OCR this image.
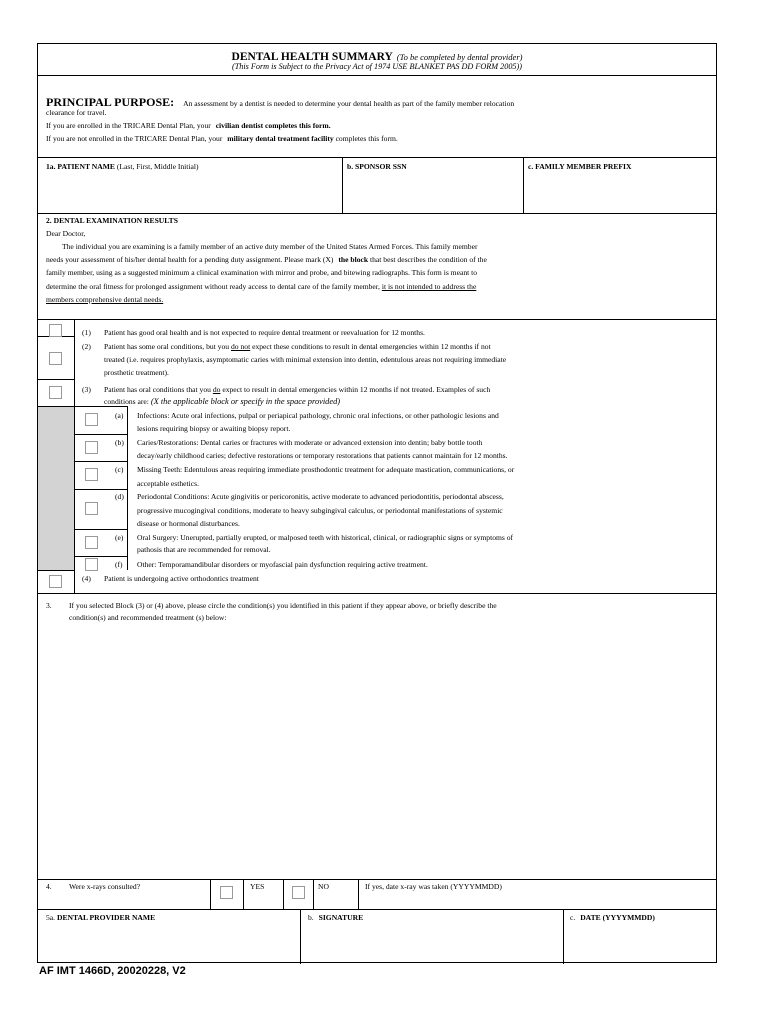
DENTAL HEALTH SUMMARY (To be completed by dental provider)
(This Form is Subject to the Privacy Act of 1974 USE BLANKET PAS DD FORM 2005))
PRINCIPAL PURPOSE: An assessment by a dentist is needed to determine your dental health as part of the family member relocation
clearance for travel.
If you are enrolled in the TRICARE Dental Plan, your civilian dentist completes this form.
If you are not enrolled in the TRICARE Dental Plan, your military dental treatment facility completes this form.
1a. PATIENT NAME (Last, First, Middle Initial)	b. SPONSOR SSN	c. FAMILY MEMBER PREFIX
2. DENTAL EXAMINATION RESULTS
Dear Doctor,
The individual you are examining is a family member of an active duty member of the United States Armed Forces. This family member
needs your assessment of his/her dental health for a pending duty assignment. Please mark (X) the block that best describes the condition of the
family member, using as a suggested minimum a clinical examination with mirror and probe, and bitewing radiographs. This form is meant to
determine the oral fitness for prolonged assignment without ready access to dental care of the family member, it is not intended to address the
members comprehensive dental needs.
(1) Patient has good oral health and is not expected to require dental treatment or reevaluation for 12 months.
(2) Patient has some oral conditions, but you do not expect these conditions to result in dental emergencies within 12 months if not
treated (i.e. requires prophylaxis, asymptomatic caries with minimal extension into dentin, edentulous areas not requiring immediate
prosthetic treatment).
(3) Patient has oral conditions that you do expect to result in dental emergencies within 12 months if not treated. Examples of such
conditions are: (X the applicable block or specify in the space provided)
(a) Infections: Acute oral infections, pulpal or periapical pathology, chronic oral infections, or other pathologic lesions and
lesions requiring biopsy or awaiting biopsy report.
(b) Caries/Restorations: Dental caries or fractures with moderate or advanced extension into dentin; baby bottle tooth
decay/early childhood caries; defective restorations or temporary restorations that patients cannot maintain for 12 months.
(c) Missing Teeth: Edentulous areas requiring immediate prosthodontic treatment for adequate mastication, communications, or
acceptable esthetics.
(d) Periodontal Conditions: Acute gingivitis or pericoronitis, active moderate to advanced periodontitis, periodontal abscess,
progressive mucogingival conditions, moderate to heavy subgingival calculus, or periodontal manifestations of systemic
disease or hormonal disturbances.
(e) Oral Surgery: Unerupted, partially erupted, or malposed teeth with historical, clinical, or radiographic signs or symptoms of
pathosis that are recommended for removal.
(f) Other: Temporamandibular disorders or myofascial pain dysfunction requiring active treatment.
(4) Patient is undergoing active orthodontics treatment
3. If you selected Block (3) or (4) above, please circle the condition(s) you identified in this patient if they appear above, or briefly describe the
condition(s) and recommended treatment (s) below:
4. Were x-rays consulted?	YES	NO	If yes, date x-ray was taken (YYYYMMDD)
5a. DENTAL PROVIDER NAME	b. SIGNATURE	c. DATE (YYYYMMDD)
AF IMT 1466D, 20020228, V2
